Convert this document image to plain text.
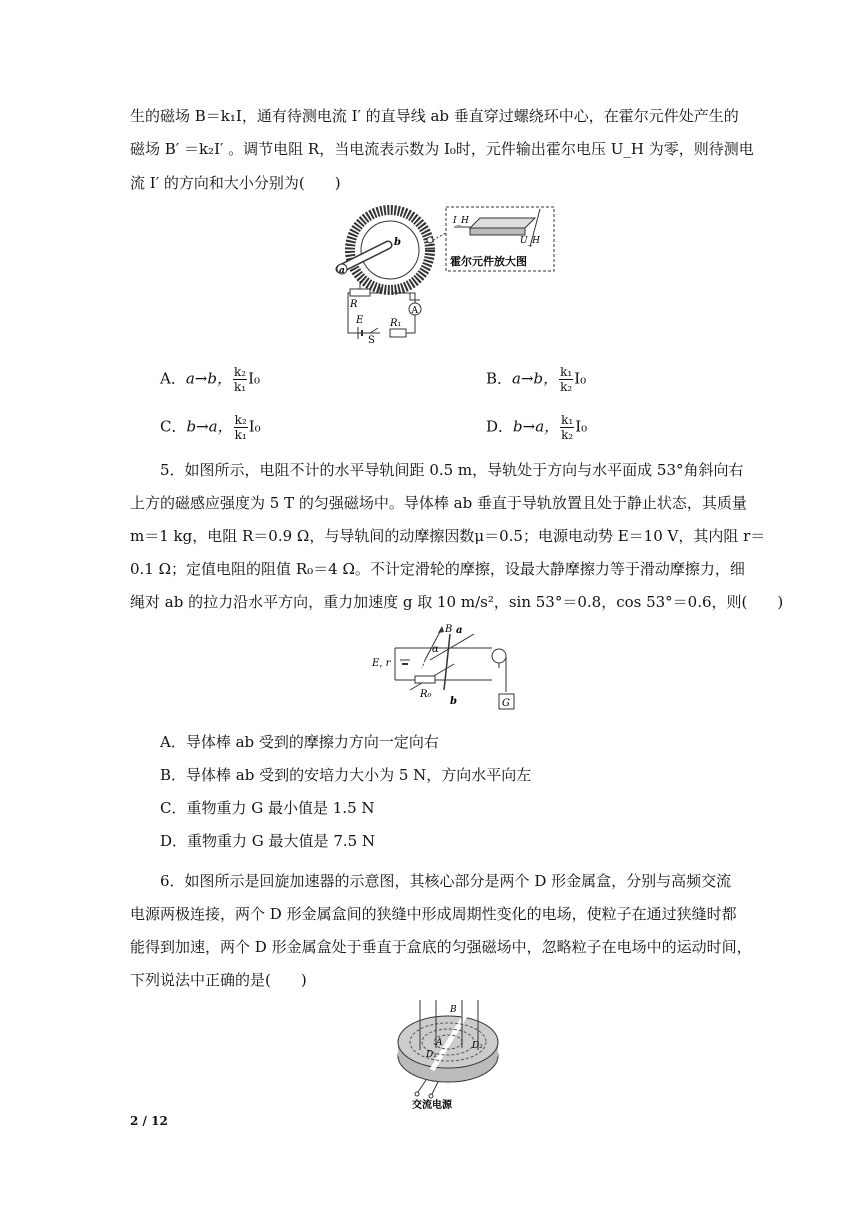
生的磁场 B＝k₁I，通有待测电流 I′ 的直导线 ab 垂直穿过螺绕环中心，在霍尔元件处产生的
磁场 B′ ＝k₂I′ 。调节电阻 R，当电流表示数为 I₀时，元件输出霍尔电压 U_H 为零，则待测电
流 I′ 的方向和大小分别为(　　)
a
b
I_H
U_H
霍尔元件放大图
R
A
R₁
E
S
A．a→b， $\frac{\text{k₂}}{\text{k₁}} I_0$	B．a→b， $\frac{\text{k₁}}{\text{k₂}} I_0$
C．b→a， $\frac{\text{k₂}}{\text{k₁}} I_0$	D．b→a， $\frac{\text{k₁}}{\text{k₂}} I_0$
5．如图所示，电阻不计的水平导轨间距 0.5 m，导轨处于方向与水平面成 53°角斜向右
上方的磁感应强度为 5 T 的匀强磁场中。导体棒 ab 垂直于导轨放置且处于静止状态，其质量
m＝1 kg，电阻 R＝0.9 Ω，与导轨间的动摩擦因数μ＝0.5；电源电动势 E＝10 V，其内阻 r＝
0.1 Ω；定值电阻的阻值 R₀＝4 Ω。不计定滑轮的摩擦，设最大静摩擦力等于滑动摩擦力，细
绳对 ab 的拉力沿水平方向，重力加速度 g 取 10 m/s²，sin 53°＝0.8，cos 53°＝0.6，则(　　)
E, r
a
b
B
α
R₀
G
A．导体棒 ab 受到的摩擦力方向一定向右
B．导体棒 ab 受到的安培力大小为 5 N，方向水平向左
C．重物重力 G 最小值是 1.5 N
D．重物重力 G 最大值是 7.5 N
6．如图所示是回旋加速器的示意图，其核心部分是两个 D 形金属盒，分别与高频交流
电源两极连接，两个 D 形金属盒间的狭缝中形成周期性变化的电场，使粒子在通过狭缝时都
能得到加速，两个 D 形金属盒处于垂直于盒底的匀强磁场中，忽略粒子在电场中的运动时间，
下列说法中正确的是(　　)
B
A
D₁
D₂
交流电源
2 / 12
